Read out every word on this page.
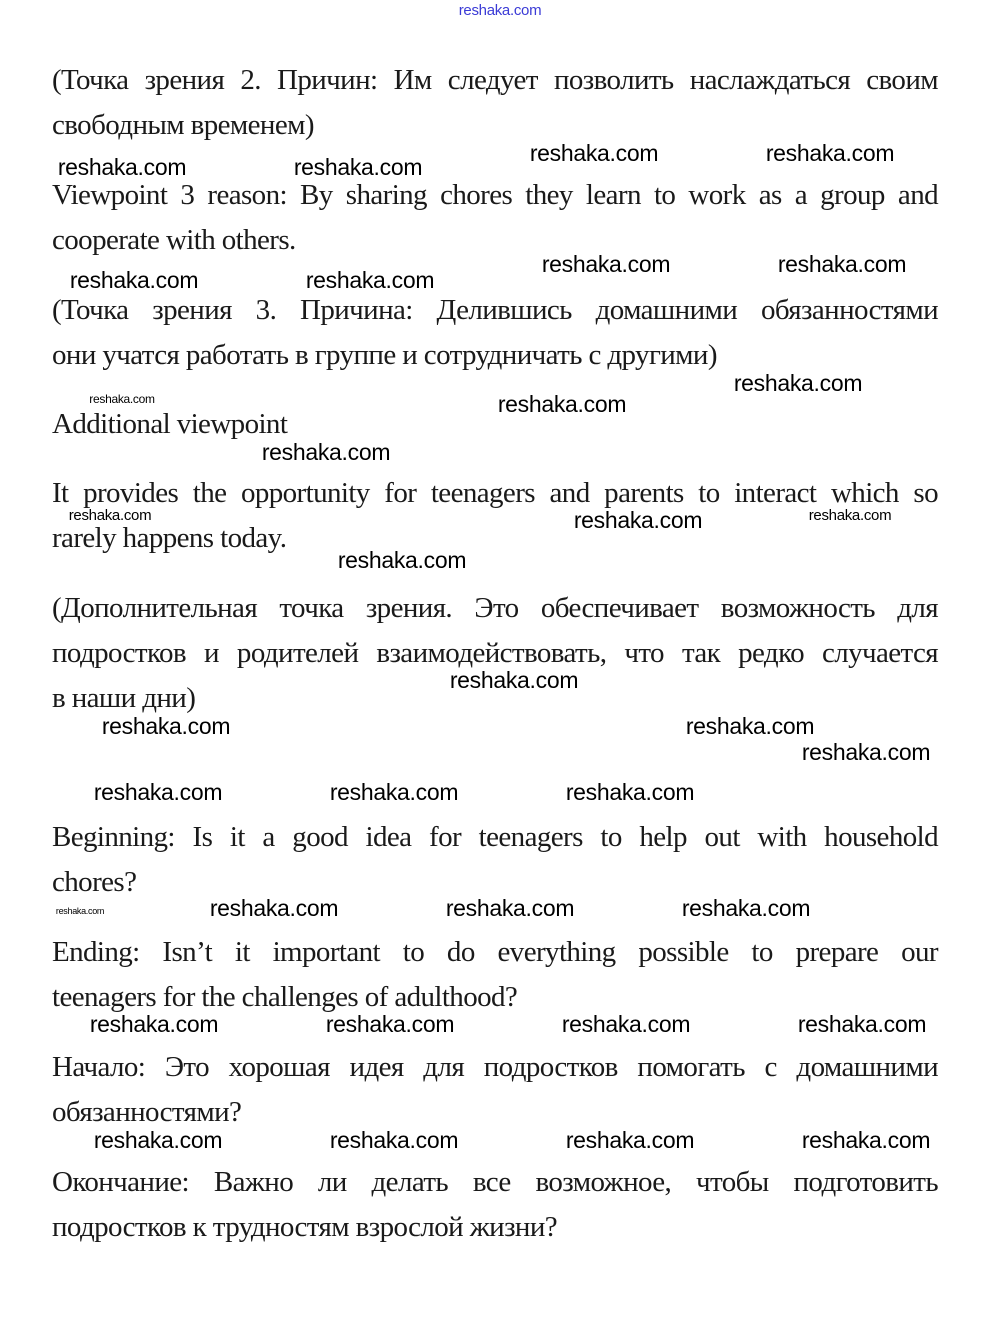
(Точка зрения 2. Причин: Им следует позволить наслаждаться своим
свободным временем)
Viewpoint 3 reason: By sharing chores they learn to work as a group and
cooperate with others.
(Точка зрения 3. Причина: Делившись домашними обязанностями
они учатся работать в группе и сотрудничать с другими)
Additional viewpoint
It provides the opportunity for teenagers and parents to interact which so
rarely happens today.
(Дополнительная точка зрения. Это обеспечивает возможность для
подростков и родителей взаимодействовать, что так редко случается
в наши дни)
Beginning: Is it a good idea for teenagers to help out with household
chores?
Ending: Isn’t it important to do everything possible to prepare our
teenagers for the challenges of adulthood?
Начало: Это хорошая идея для подростков помогать с домашними
обязанностями?
Окончание: Важно ли делать все возможное, чтобы подготовить
подростков к трудностям взрослой жизни?
reshaka.com
reshaka.com	reshaka.com
reshaka.com	reshaka.com
reshaka.com	reshaka.com
reshaka.com	reshaka.com
reshaka.com
reshaka.com	reshaka.com
reshaka.com
reshaka.com	reshaka.com	reshaka.com
reshaka.com
reshaka.com	reshaka.com
reshaka.com
reshaka.com
reshaka.com	reshaka.com	reshaka.com
reshaka.com	reshaka.com	reshaka.com	reshaka.com
reshaka.com	reshaka.com	reshaka.com	reshaka.com
reshaka.com	reshaka.com	reshaka.com	reshaka.com
